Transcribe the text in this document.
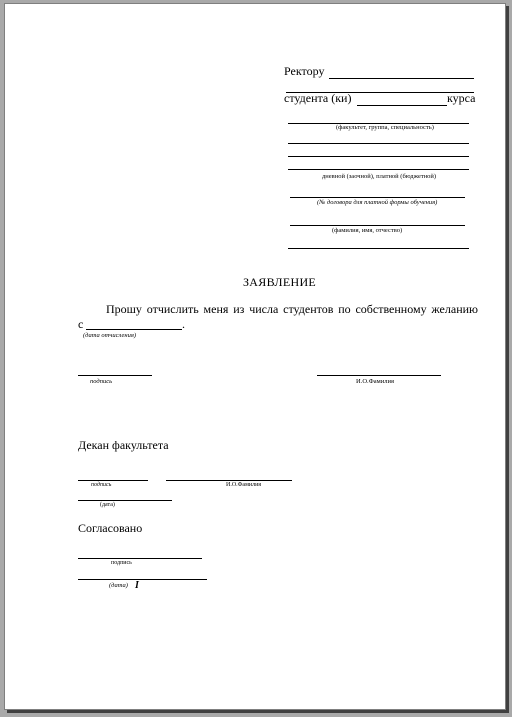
Ректору
студента (ки)	курса
(факультет, группа, специальность)
дневной (заочной), платной (бюджетной)
(№ договора для платной формы обучения)
(фамилия, имя, отчество)
ЗАЯВЛЕНИЕ
Прошу отчислить меня из числа студентов по собственному желанию
с	.
(дата отчисления)
подпись	И.О.Фамилия
Декан факультета
подпись	И.О.Фамилия
(дата)
Согласовано
подпись
(дата) I
